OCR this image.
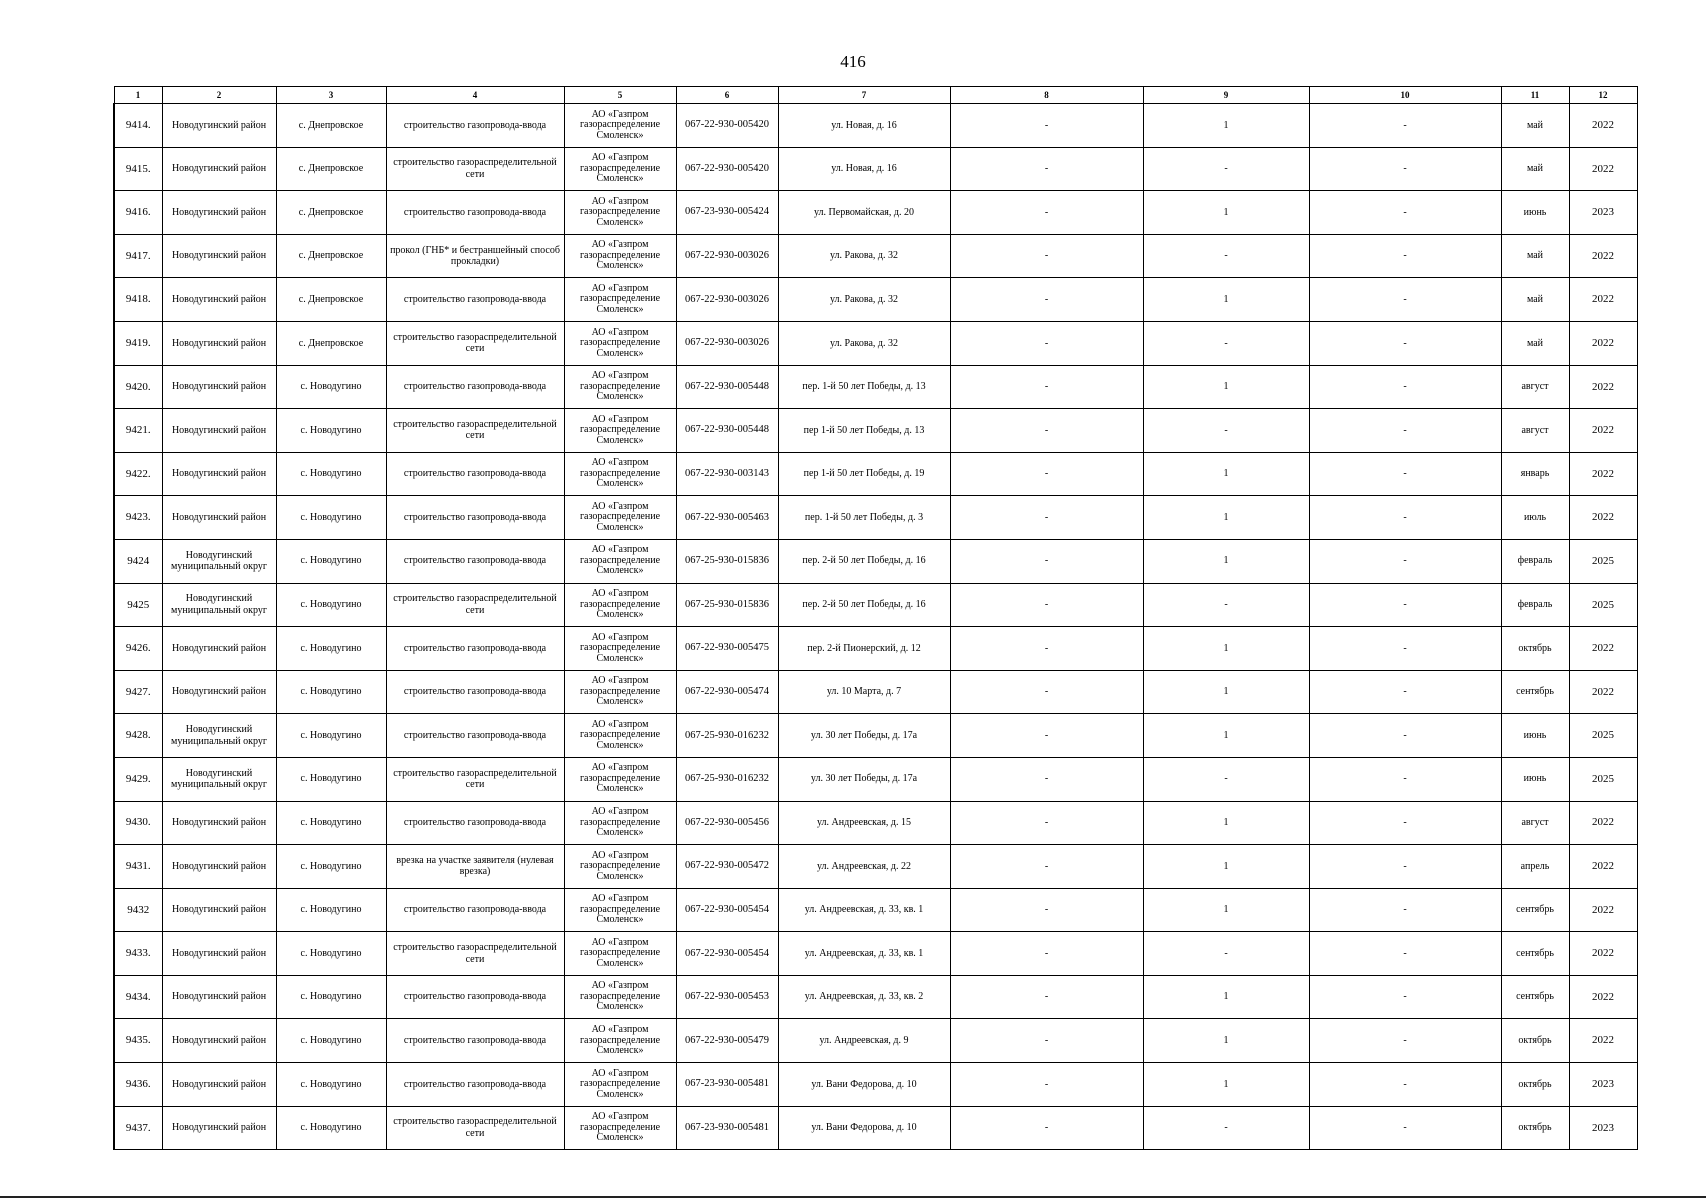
416
1	2	3	4	5	6	7	8	9	10	11	12
9414.	Новодугинский район	с. Днепровское	строительство газопровода-ввода	АО «Газпром газораспределение Смоленск»	067-22-930-005420	ул. Новая, д. 16	-	1	-	май	2022
9415.	Новодугинский район	с. Днепровское	строительство газораспределительной сети	АО «Газпром газораспределение Смоленск»	067-22-930-005420	ул. Новая, д. 16	-	-	-	май	2022
9416.	Новодугинский район	с. Днепровское	строительство газопровода-ввода	АО «Газпром газораспределение Смоленск»	067-23-930-005424	ул. Первомайская, д. 20	-	1	-	июнь	2023
9417.	Новодугинский район	с. Днепровское	прокол (ГНБ* и бестраншейный способ прокладки)	АО «Газпром газораспределение Смоленск»	067-22-930-003026	ул. Ракова, д. 32	-	-	-	май	2022
9418.	Новодугинский район	с. Днепровское	строительство газопровода-ввода	АО «Газпром газораспределение Смоленск»	067-22-930-003026	ул. Ракова, д. 32	-	1	-	май	2022
9419.	Новодугинский район	с. Днепровское	строительство газораспределительной сети	АО «Газпром газораспределение Смоленск»	067-22-930-003026	ул. Ракова, д. 32	-	-	-	май	2022
9420.	Новодугинский район	с. Новодугино	строительство газопровода-ввода	АО «Газпром газораспределение Смоленск»	067-22-930-005448	пер. 1-й 50 лет Победы, д. 13	-	1	-	август	2022
9421.	Новодугинский район	с. Новодугино	строительство газораспределительной сети	АО «Газпром газораспределение Смоленск»	067-22-930-005448	пер 1-й 50 лет Победы, д. 13	-	-	-	август	2022
9422.	Новодугинский район	с. Новодугино	строительство газопровода-ввода	АО «Газпром газораспределение Смоленск»	067-22-930-003143	пер 1-й 50 лет Победы, д. 19	-	1	-	январь	2022
9423.	Новодугинский район	с. Новодугино	строительство газопровода-ввода	АО «Газпром газораспределение Смоленск»	067-22-930-005463	пер. 1-й 50 лет Победы, д. 3	-	1	-	июль	2022
9424	Новодугинский муниципальный округ	с. Новодугино	строительство газопровода-ввода	АО «Газпром газораспределение Смоленск»	067-25-930-015836	пер. 2-й 50 лет Победы, д. 16	-	1	-	февраль	2025
9425	Новодугинский муниципальный округ	с. Новодугино	строительство газораспределительной сети	АО «Газпром газораспределение Смоленск»	067-25-930-015836	пер. 2-й 50 лет Победы, д. 16	-	-	-	февраль	2025
9426.	Новодугинский район	с. Новодугино	строительство газопровода-ввода	АО «Газпром газораспределение Смоленск»	067-22-930-005475	пер. 2-й Пионерский, д. 12	-	1	-	октябрь	2022
9427.	Новодугинский район	с. Новодугино	строительство газопровода-ввода	АО «Газпром газораспределение Смоленск»	067-22-930-005474	ул. 10 Марта, д. 7	-	1	-	сентябрь	2022
9428.	Новодугинский муниципальный округ	с. Новодугино	строительство газопровода-ввода	АО «Газпром газораспределение Смоленск»	067-25-930-016232	ул. 30 лет Победы, д. 17а	-	1	-	июнь	2025
9429.	Новодугинский муниципальный округ	с. Новодугино	строительство газораспределительной сети	АО «Газпром газораспределение Смоленск»	067-25-930-016232	ул. 30 лет Победы, д. 17а	-	-	-	июнь	2025
9430.	Новодугинский район	с. Новодугино	строительство газопровода-ввода	АО «Газпром газораспределение Смоленск»	067-22-930-005456	ул. Андреевская, д. 15	-	1	-	август	2022
9431.	Новодугинский район	с. Новодугино	врезка на участке заявителя (нулевая врезка)	АО «Газпром газораспределение Смоленск»	067-22-930-005472	ул. Андреевская, д. 22	-	1	-	апрель	2022
9432	Новодугинский район	с. Новодугино	строительство газопровода-ввода	АО «Газпром газораспределение Смоленск»	067-22-930-005454	ул. Андреевская, д. 33, кв. 1	-	1	-	сентябрь	2022
9433.	Новодугинский район	с. Новодугино	строительство газораспределительной сети	АО «Газпром газораспределение Смоленск»	067-22-930-005454	ул. Андреевская, д. 33, кв. 1	-	-	-	сентябрь	2022
9434.	Новодугинский район	с. Новодугино	строительство газопровода-ввода	АО «Газпром газораспределение Смоленск»	067-22-930-005453	ул. Андреевская, д. 33, кв. 2	-	1	-	сентябрь	2022
9435.	Новодугинский район	с. Новодугино	строительство газопровода-ввода	АО «Газпром газораспределение Смоленск»	067-22-930-005479	ул. Андреевская, д. 9	-	1	-	октябрь	2022
9436.	Новодугинский район	с. Новодугино	строительство газопровода-ввода	АО «Газпром газораспределение Смоленск»	067-23-930-005481	ул. Вани Федорова, д. 10	-	1	-	октябрь	2023
9437.	Новодугинский район	с. Новодугино	строительство газораспределительной сети	АО «Газпром газораспределение Смоленск»	067-23-930-005481	ул. Вани Федорова, д. 10	-	-	-	октябрь	2023
